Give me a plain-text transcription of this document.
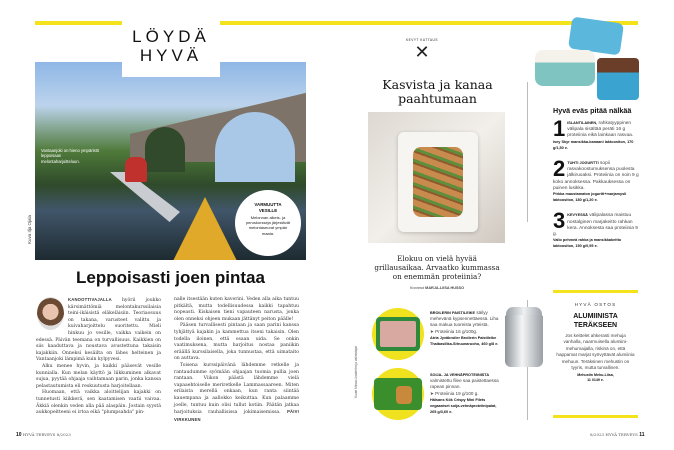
Vantaanjoki on hieno ympäristö leppoisaan melontaharjoitteluun.
VARMUUTTA VESILLE
Melonnan alkeis- ja peruskursseja järjestävät melontaseurat ympäri maata.
Kuva Ilja Ojala
LÖYDÄ
HYVÄ
Leppoisasti joen pintaa

KANOOTTIVAJALLA hyörii joukko kärsimättömiä melontakurssilaisia teini-ikäisistä eläkeläisiin. Teoriaosuus on takana, varusteet valittu ja kuivaharjoittelu suoritettu. Mieli hinkuu jo vesille, vaikka vaikein on edessä. Päivän teemana on turvallisuus. Kaikkien on siis kaaduttava ja noustava avustettuna takaisin kajakkiin. Onneksi kesäilta on lähes helteinen ja Vantaanjoki lämpimä kuin kylpyvesi.

Alku menee hyvin, ja kaikki pääsevät vesille kunnialla. Kun melan käyttö ja liikkuminen alkavat sujua, pyytää ohjaaja vaihtamaan parin, jonka kanssa pelastautumista eli reskuutusta harjoitellaan.

Huomaan, että vaikka aloittelijan kajakki on tunnetusti kiikkerä, sen kaatamisen vaatii vaivaa. Äkkiä olenkin veden alla pää alaspäin. Jostain syystä aukkopeitteeni ei irtoa eikä "plumpsahda" pin-

nalle itsestään kuten kaverini. Veden alla aika tuntuu pitkältä, mutta todellisuudessa kaikki tapahtuu nopeasti. Kiskaisen tieni vapauteen narusta, jonka olen onneksi ohjeen mukaan jättänyt peiton päälle!

Pääsen turvallisesti pintaan ja saan parini kanssa tyhjättyä kajakin ja kammettua itseni takaisin. Olen todella iloinen, että osaan uida. Se onkin vaatimuksena, mutta harjoitus nostaa paniikin eräällä kurssilaisella, joka tunnustaa, että uimataito on auttava.

Toisena kurssipäivänä lähdemme retkelle ja rantaudumme syömään ohjaajan tuomia pullia joen rantaan. Viikon päästä lähdemme vielä vapaaehtoiselle meriretkelle Lammassaareen. Miten erilaista merellä onkaan, kun ranta siintää kauempana ja aallokko keikuttaa. Kun palaamme joelle, tuntuu kuin olisi tullut kotiin. Päätän jatkaa harjoituksia rauhallisissa jokimaisemissa. PÄIVI VIRKKUNEN

10 HYVÄ TERVEYS 8/2023
KEVYT KATTAUS
✕
Kasvista ja kanaa paahtumaan
Elokuu on vielä hyvää grillausaikaa. Arvaatko kummassa on enemmän proteiinia?
Koonnut MARJA-LIISA HUSSO
Kuvat Minna Lindström ja valmistajat
BROILERIN PAISTILEIKE säilyy mehevänä kypsennettäessä. Liha saa makua tuoreista yrteistä.
➤ Proteiinia 16 g/100g.
Atria Jyväbroiler Broilerin Paistileike Thaibasilika-Sitruunaruoho, 460 g/8 e.
SOIJA- JA VEHNÄPROTEIINISTA valmistettu filee saa paistettaessa rapean pinnan.
➤ Proteiinia 19 g/100 g.
Hälsans Kök Crispy Mini Filets vegaaniset soija-vehnäproteiinipalat, 265 g/3,60 e.
Hyvä eväs pitää nälkää
1 ISLANTILAINEN, rahkatyyppinen välipala sisältää peräti 16 g proteiinia eikä lainkaan rasvaa.
Isey Skyr mansikka-banaani laktoositon, 170 g/1,50 e.
2 TUHTI JOGURTTI sopii rasvakoostumuksensa puolesta jälkiruoaksi. Proteiinia on noin 9 g koko annoksessa. Pakkauksessa on puinen lusikka.
Pirkka maustamaton jogurtti+marjamysli laktoositon, 180 g/1,20 e.
3 KEVYESSÄ välipalassa maistuu nostalginen marjakeitto rahkan kera. Annoksesta saa proteiinia 9 g.
Valio pehmeä rahka ja mansikkakeitto laktoositon, 150 g/0,95 e.
HYVÄ OSTOS
ALUMIINISTA TERÄKSEEN
Jos keittelet ahkerasti mehuja vanhalla, naarmuisella alumiini-mehumaijalla, riskinä on, että happamat marjat syövyttävät alumiinia mehuun. Teräksinen mehustin on tyyris, mutta turvallinen.
Mehustin Mehu-Liisa, 11 l/149 e.
8/2023 HYVÄ TERVEYS 11
